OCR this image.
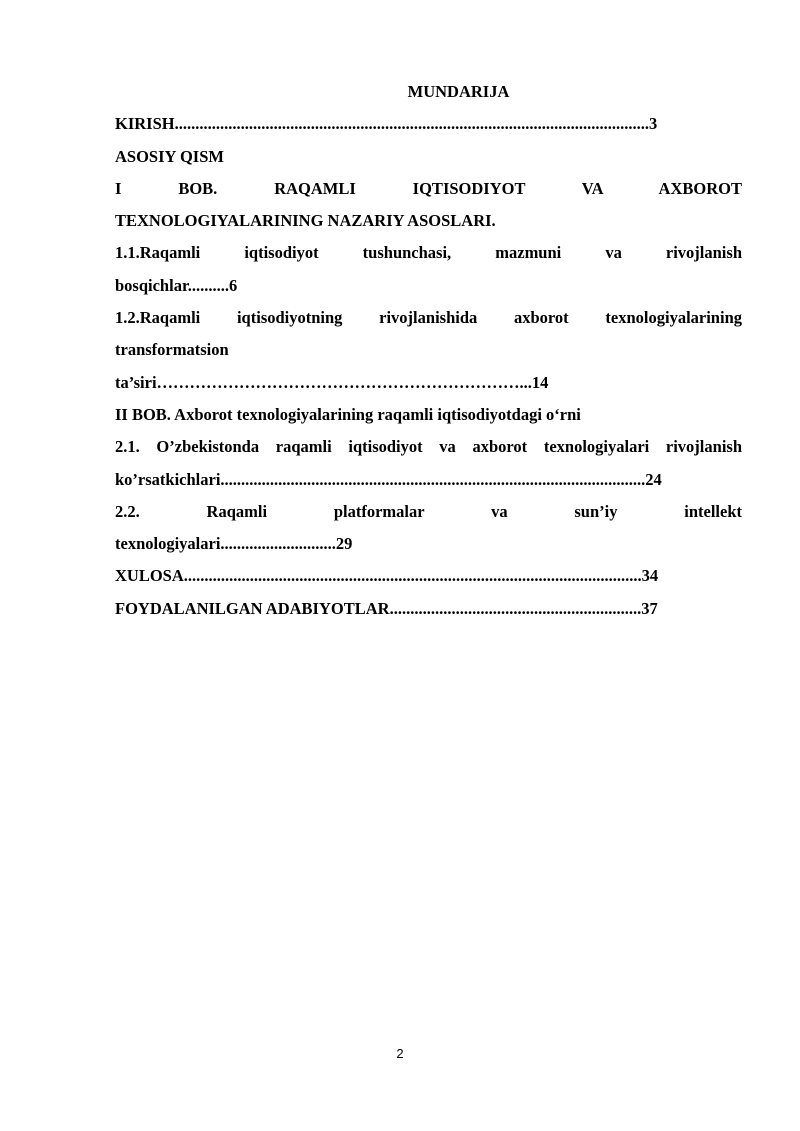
MUNDARIJA
KIRISH...................................................................................................................3
ASOSIY QISM
I BOB. RAQAMLI IQTISODIYOT VA AXBOROT
TEXNOLOGIYALARINING NAZARIY ASOSLARI.
1.1.Raqamli iqtisodiyot tushunchasi, mazmuni va rivojlanish
bosqichlar..........6
1.2.Raqamli iqtisodiyotning rivojlanishida axborot texnologiyalarining
transformatsion
ta’siri…………………………………………………………...14
II BOB. Axborot texnologiyalarining raqamli iqtisodiyotdagi o‘rni
2.1. O’zbekistonda raqamli iqtisodiyot va axborot texnologiyalari rivojlanish
ko’rsatkichlari.......................................................................................................24
2.2. Raqamli platformalar va sun’iy intellekt
texnologiyalari............................29
XULOSA...............................................................................................................34
FOYDALANILGAN ADABIYOTLAR.............................................................37
2
